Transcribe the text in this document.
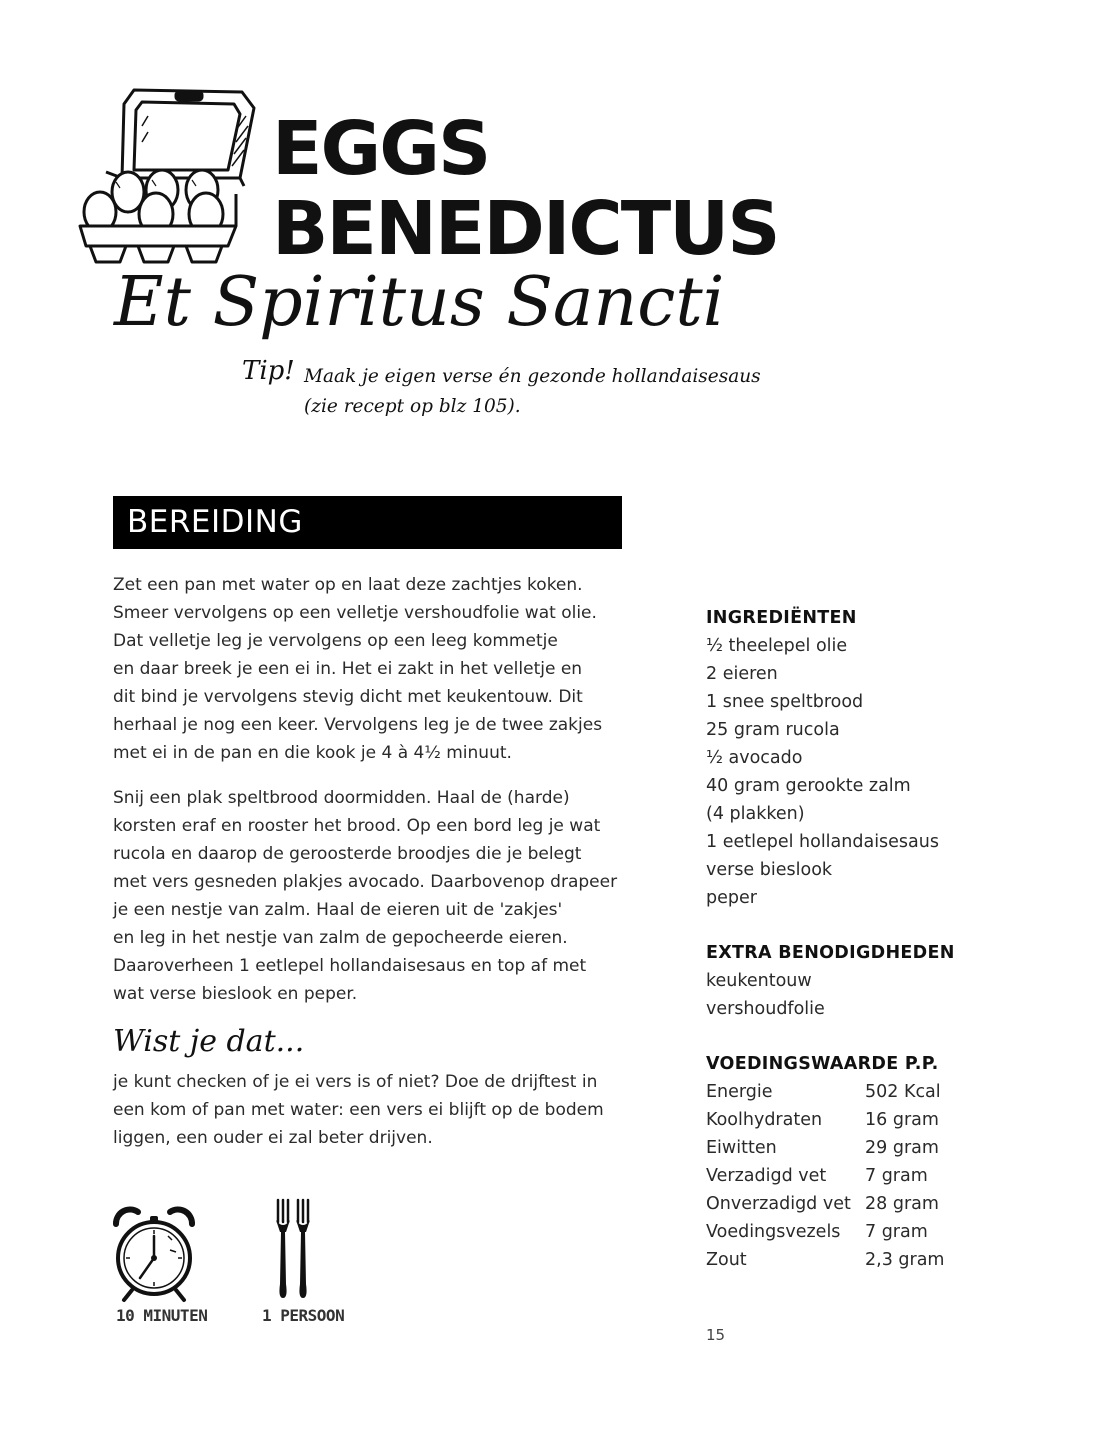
EGGS
BENEDICTUS
Et Spiritus Sancti
Tip! Maak je eigen verse én gezonde hollandaisesaus
(zie recept op blz 105).
BEREIDING

Zet een pan met water op en laat deze zachtjes koken.

Smeer vervolgens op een velletje vershoudfolie wat olie.

Dat velletje leg je vervolgens op een leeg kommetje

en daar breek je een ei in. Het ei zakt in het velletje en

dit bind je vervolgens stevig dicht met keukentouw. Dit

herhaal je nog een keer. Vervolgens leg je de twee zakjes

met ei in de pan en die kook je 4 à 4½ minuut.

Snij een plak speltbrood doormidden. Haal de (harde)

korsten eraf en rooster het brood. Op een bord leg je wat

rucola en daarop de geroosterde broodjes die je belegt

met vers gesneden plakjes avocado. Daarbovenop drapeer

je een nestje van zalm. Haal de eieren uit de 'zakjes'

en leg in het nestje van zalm de gepocheerde eieren.

Daaroverheen 1 eetlepel hollandaisesaus en top af met

wat verse bieslook en peper.

Wist je dat...

je kunt checken of je ei vers is of niet? Doe de drijftest in

een kom of pan met water: een vers ei blijft op de bodem

liggen, een ouder ei zal beter drijven.

INGREDIËNTEN
½ theelepel olie
2 eieren
1 snee speltbrood
25 gram rucola
½ avocado
40 gram gerookte zalm
(4 plakken)
1 eetlepel hollandaisesaus
verse bieslook
peper
EXTRA BENODIGDHEDEN
keukentouw
vershoudfolie
VOEDINGSWAARDE P.P.
Energie	502 Kcal
Koolhydraten	16 gram
Eiwitten	29 gram
Verzadigd vet	7 gram
Onverzadigd vet 28 gram
Voedingsvezels	7 gram
Zout	2,3 gram
10 MINUTEN	1 PERSOON
15
